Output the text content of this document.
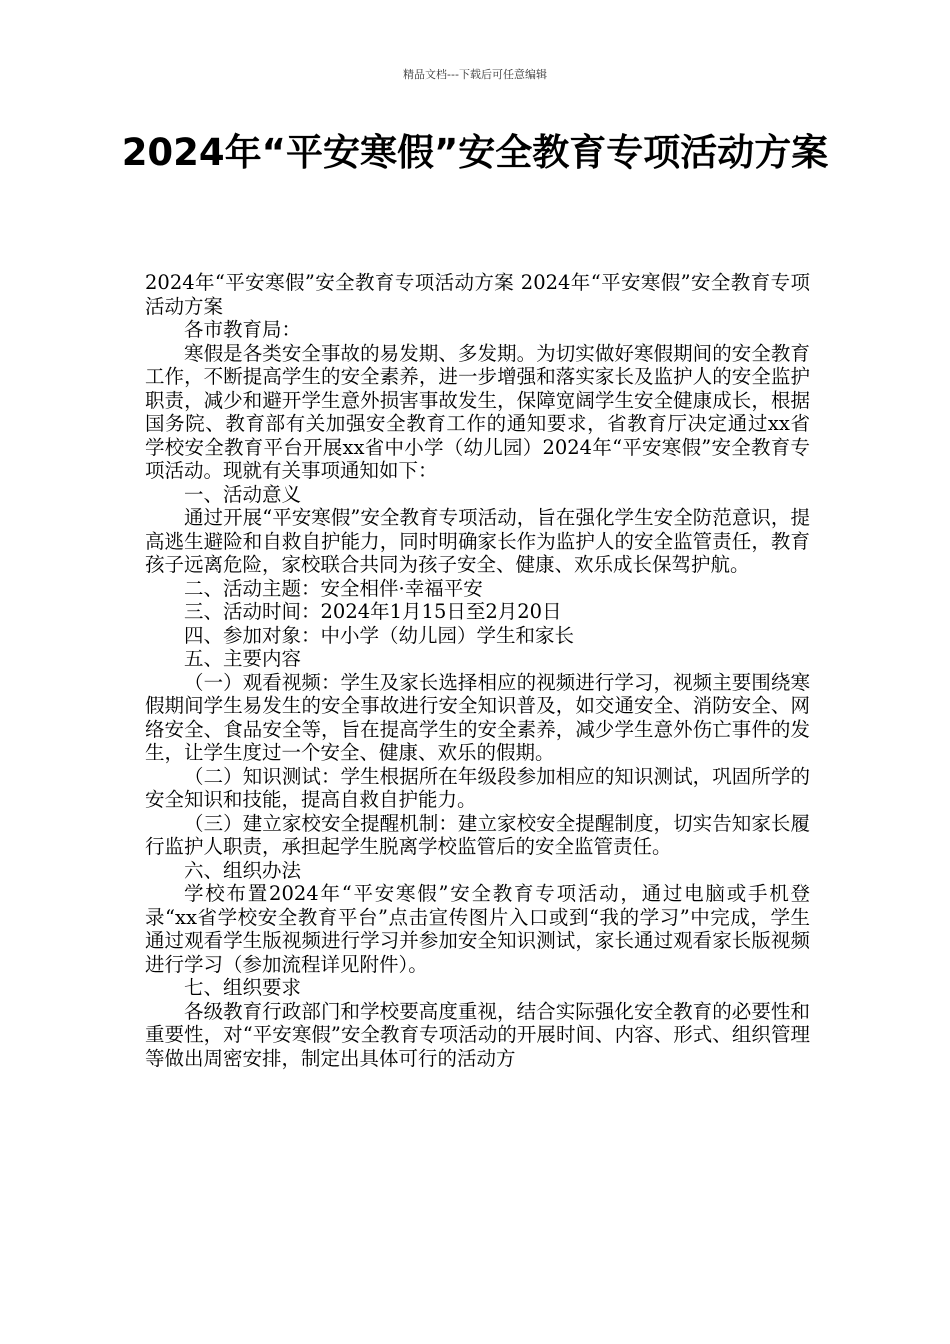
精品文档---下载后可任意编辑
2024年“平安寒假”安全教育专项活动方案

2024年“平安寒假”安全教育专项活动方案 2024年“平安寒假”安全教育专项活动方案

各市教育局：

寒假是各类安全事故的易发期、多发期。为切实做好寒假期间的安全教育工作，不断提高学生的安全素养，进一步增强和落实家长及监护人的安全监护职责，减少和避开学生意外损害事故发生，保障宽阔学生安全健康成长，根据国务院、教育部有关加强安全教育工作的通知要求，省教育厅决定通过xx省学校安全教育平台开展xx省中小学（幼儿园）2024年“平安寒假”安全教育专项活动。现就有关事项通知如下：

一、活动意义

通过开展“平安寒假”安全教育专项活动，旨在强化学生安全防范意识，提高逃生避险和自救自护能力，同时明确家长作为监护人的安全监管责任，教育孩子远离危险，家校联合共同为孩子安全、健康、欢乐成长保驾护航。

二、活动主题：安全相伴·幸福平安

三、活动时间：2024年1月15日至2月20日

四、参加对象：中小学（幼儿园）学生和家长

五、主要内容

（一）观看视频：学生及家长选择相应的视频进行学习，视频主要围绕寒假期间学生易发生的安全事故进行安全知识普及，如交通安全、消防安全、网络安全、食品安全等，旨在提高学生的安全素养，减少学生意外伤亡事件的发生，让学生度过一个安全、健康、欢乐的假期。

（二）知识测试：学生根据所在年级段参加相应的知识测试，巩固所学的安全知识和技能，提高自救自护能力。

（三）建立家校安全提醒机制：建立家校安全提醒制度，切实告知家长履行监护人职责，承担起学生脱离学校监管后的安全监管责任。

六、组织办法

学校布置2024年“平安寒假”安全教育专项活动，通过电脑或手机登录“xx省学校安全教育平台”点击宣传图片入口或到“我的学习”中完成，学生通过观看学生版视频进行学习并参加安全知识测试，家长通过观看家长版视频进行学习（参加流程详见附件）。

七、组织要求

各级教育行政部门和学校要高度重视，结合实际强化安全教育的必要性和重要性，对“平安寒假”安全教育专项活动的开展时间、内容、形式、组织管理等做出周密安排，制定出具体可行的活动方
